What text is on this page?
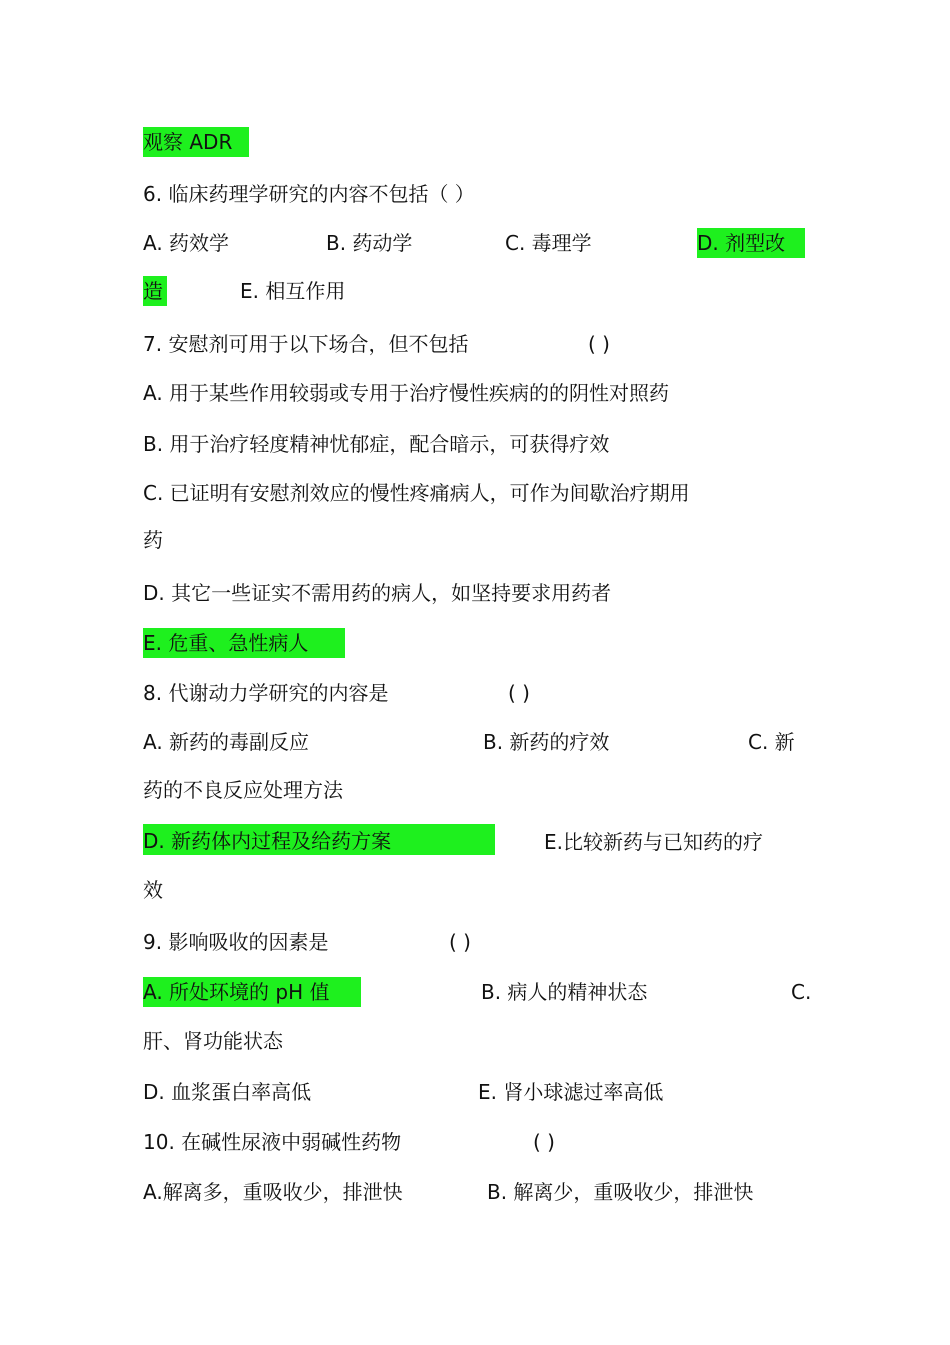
观察 ADR
6. 临床药理学研究的内容不包括（ ）
A. 药效学	B. 药动学	C. 毒理学	D. 剂型改
造	E. 相互作用
7. 安慰剂可用于以下场合，但不包括	( )
A. 用于某些作用较弱或专用于治疗慢性疾病的的阴性对照药
B. 用于治疗轻度精神忧郁症，配合暗示，可获得疗效
C. 已证明有安慰剂效应的慢性疼痛病人，可作为间歇治疗期用
药
D. 其它一些证实不需用药的病人，如坚持要求用药者
E. 危重、急性病人
8. 代谢动力学研究的内容是	( )
A. 新药的毒副反应	B. 新药的疗效	C. 新
药的不良反应处理方法
D. 新药体内过程及给药方案	E.比较新药与已知药的疗
效
9. 影响吸收的因素是	( )
A. 所处环境的 pH 值	B. 病人的精神状态	C.
肝、肾功能状态
D. 血浆蛋白率高低	E. 肾小球滤过率高低
10. 在碱性尿液中弱碱性药物	( )
A.解离多，重吸收少，排泄快	B. 解离少，重吸收少，排泄快
